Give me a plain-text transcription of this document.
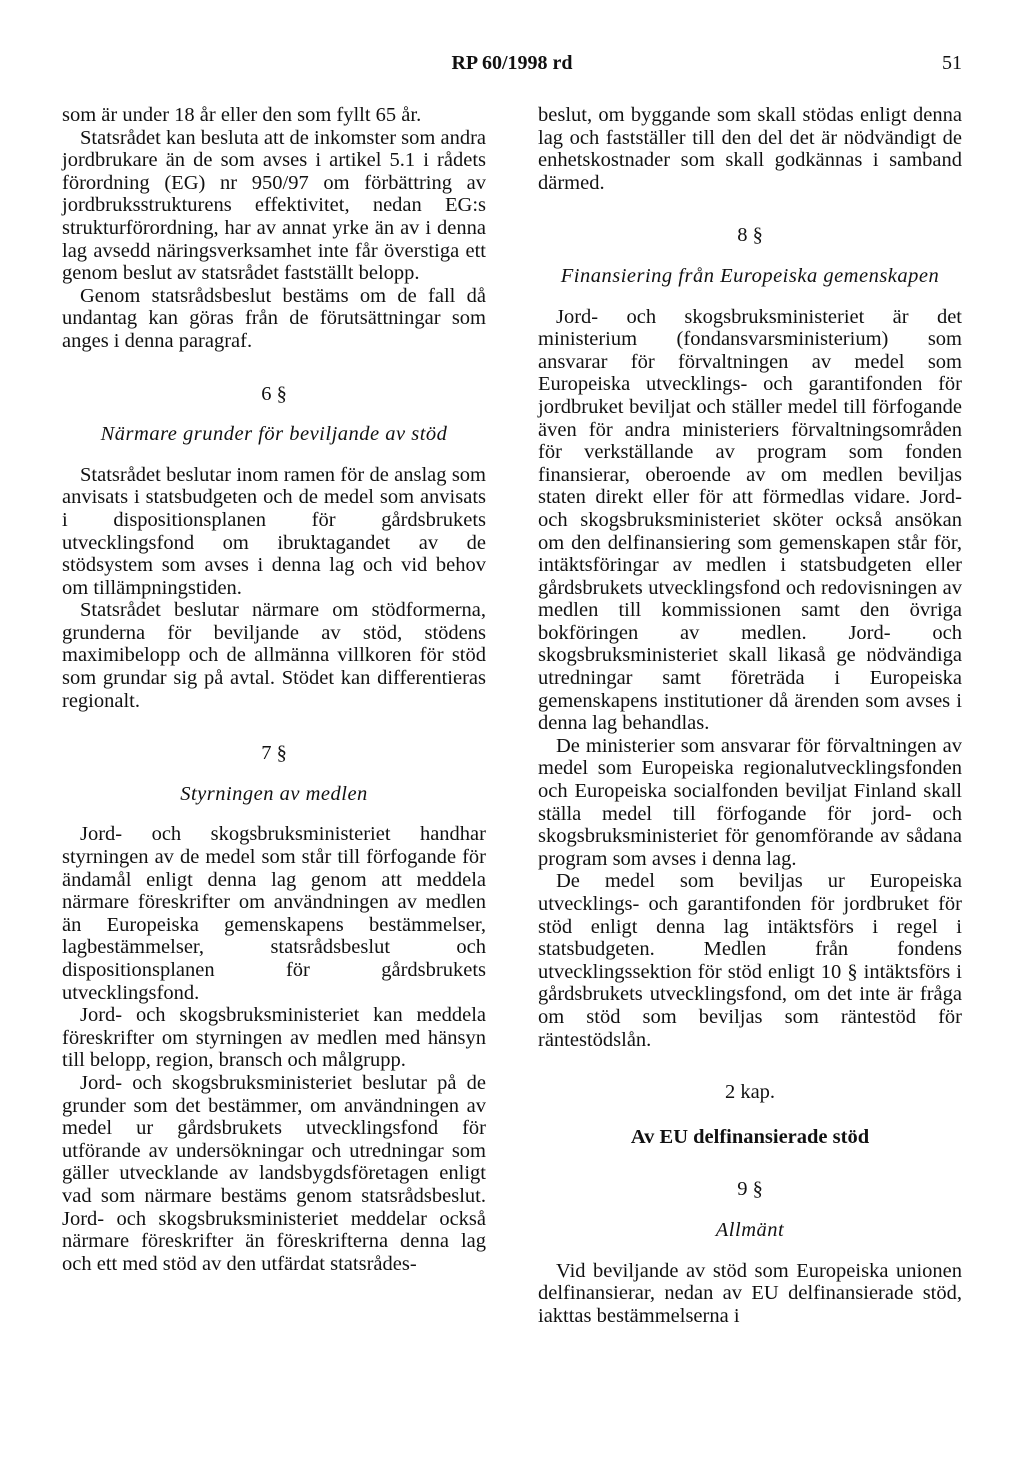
RP 60/1998 rd	51

som är under 18 år eller den som fyllt 65 år.

Statsrådet kan besluta att de inkomster som andra jordbrukare än de som avses i artikel 5.1 i rådets förordning (EG) nr 950/97 om förbättring av jordbruksstrukturens effektivitet, nedan EG:s strukturförordning, har av annat yrke än av i denna lag avsedd näringsverksamhet inte får överstiga ett genom beslut av statsrådet fastställt belopp.

Genom statsrådsbeslut bestäms om de fall då undantag kan göras från de förutsättningar som anges i denna paragraf.

6 §

Närmare grunder för beviljande av stöd

Statsrådet beslutar inom ramen för de anslag som anvisats i statsbudgeten och de medel som anvisats i dispositionsplanen för gårdsbrukets utvecklingsfond om ibruktagandet av de stödsystem som avses i denna lag och vid behov om tillämpningstiden.

Statsrådet beslutar närmare om stödformerna, grunderna för beviljande av stöd, stödens maximibelopp och de allmänna villkoren för stöd som grundar sig på avtal. Stödet kan differentieras regionalt.

7 §

Styrningen av medlen

Jord- och skogsbruksministeriet handhar styrningen av de medel som står till förfogande för ändamål enligt denna lag genom att meddela närmare föreskrifter om användningen av medlen än Europeiska gemenskapens bestämmelser, lagbestämmelser, statsrådsbeslut och dispositionsplanen för gårdsbrukets utvecklingsfond.

Jord- och skogsbruksministeriet kan meddela föreskrifter om styrningen av medlen med hänsyn till belopp, region, bransch och målgrupp.

Jord- och skogsbruksministeriet beslutar på de grunder som det bestämmer, om användningen av medel ur gårdsbrukets utvecklingsfond för utförande av undersökningar och utredningar som gäller utvecklande av landsbygdsföretagen enligt vad som närmare bestäms genom statsrådsbeslut. Jord- och skogsbruksministeriet meddelar också närmare föreskrifter än föreskrifterna denna lag och ett med stöd av den utfärdat statsrådes-

beslut, om byggande som skall stödas enligt denna lag och fastställer till den del det är nödvändigt de enhetskostnader som skall godkännas i samband därmed.

8 §

Finansiering från Europeiska gemenskapen

Jord- och skogsbruksministeriet är det ministerium (fondansvarsministerium) som ansvarar för förvaltningen av medel som Europeiska utvecklings- och garantifonden för jordbruket beviljat och ställer medel till förfogande även för andra ministeriers förvaltningsområden för verkställande av program som fonden finansierar, oberoende av om medlen beviljas staten direkt eller för att förmedlas vidare. Jord- och skogsbruksministeriet sköter också ansökan om den delfinansiering som gemenskapen står för, intäktsföringar av medlen i statsbudgeten eller gårdsbrukets utvecklingsfond och redovisningen av medlen till kommissionen samt den övriga bokföringen av medlen. Jord- och skogsbruksministeriet skall likaså ge nödvändiga utredningar samt företräda i Europeiska gemenskapens institutioner då ärenden som avses i denna lag behandlas.

De ministerier som ansvarar för förvaltningen av medel som Europeiska regionalutvecklingsfonden och Europeiska socialfonden beviljat Finland skall ställa medel till förfogande för jord- och skogsbruksministeriet för genomförande av sådana program som avses i denna lag.

De medel som beviljas ur Europeiska utvecklings- och garantifonden för jordbruket för stöd enligt denna lag intäktsförs i regel i statsbudgeten. Medlen från fondens utvecklingssektion för stöd enligt 10 § intäktsförs i gårdsbrukets utvecklingsfond, om det inte är fråga om stöd som beviljas som räntestöd för räntestödslån.

2 kap.

Av EU delfinansierade stöd

9 §

Allmänt

Vid beviljande av stöd som Europeiska unionen delfinansierar, nedan av EU delfinansierade stöd, iakttas bestämmelserna i
